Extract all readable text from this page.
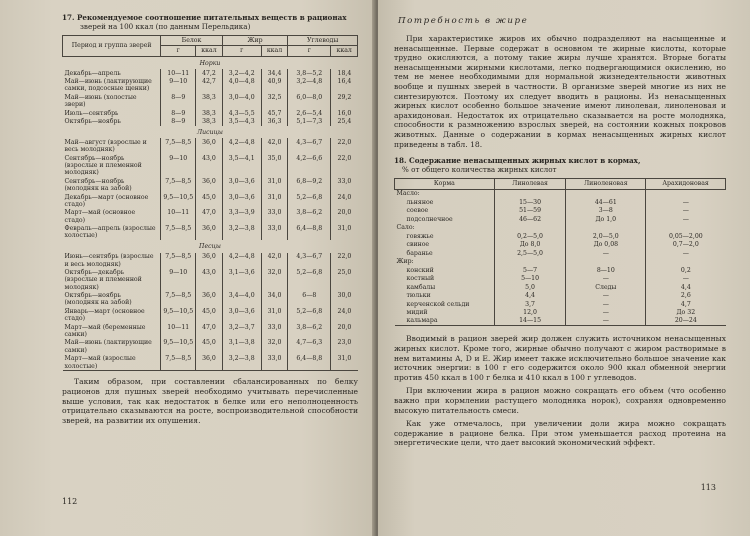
17. Рекомендуемое соотношение питательных веществ в рационах
зверей на 100 ккал (по данным Перельдика)
Период и группа зверей	Белок		Жир		Углеводы	
	г	ккал	г	ккал	г	ккал
Норки						
Декабрь—апрель	10—11	47,2	3,2—4,2	34,4	3,8—5,2	18,4
Май—июнь (лактирующие самки, подсосные щенки)	9—10	42,7	4,0—4,8	40,9	3,2—4,8	16,4
Май—июнь (холостые звери)	8—9	38,3	3,0—4,0	32,5	6,0—8,0	29,2
Июль—сентябрь	8—9	38,3	4,3—5,5	45,7	2,6—5,4	16,0
Октябрь—ноябрь	8—9	38,3	3,5—4,3	36,3	5,1—7,3	25,4
Лисицы						
Май—август (взрослые и весь молодняк)	7,5—8,5	36,0	4,2—4,8	42,0	4,3—6,7	22,0
Сентябрь—ноябрь (взрослые и племенной молодняк)	9—10	43,0	3,5—4,1	35,0	4,2—6,6	22,0
Сентябрь—ноябрь (молодняк на забой)	7,5—8,5	36,0	3,0—3,6	31,0	6,8—9,2	33,0
Декабрь—март (основное стадо)	9,5—10,5	45,0	3,0—3,6	31,0	5,2—6,8	24,0
Март—май (основное стадо)	10—11	47,0	3,3—3,9	33,0	3,8—6,2	20,0
Февраль—апрель (взрослые холостые)	7,5—8,5	36,0	3,2—3,8	33,0	6,4—8,8	31,0
Песцы						
Июнь—сентябрь (взрослые и весь молодняк)	7,5—8,5	36,0	4,2—4,8	42,0	4,3—6,7	22,0
Октябрь—декабрь (взрослые и племенной молодняк)	9—10	43,0	3,1—3,6	32,0	5,2—6,8	25,0
Октябрь—ноябрь (молодняк на забой)	7,5—8,5	36,0	3,4—4,0	34,0	6—8	30,0
Январь—март (основное стадо)	9,5—10,5	45,0	3,0—3,6	31,0	5,2—6,8	24,0
Март—май (беременные самки)	10—11	47,0	3,2—3,7	33,0	3,8—6,2	20,0
Май—июнь (лактирующие самки)	9,5—10,5	45,0	3,1—3,8	32,0	4,7—6,3	23,0
Март—май (взрослые холостые)	7,5—8,5	36,0	3,2—3,8	33,0	6,4—8,8	31,0

Таким образом, при составлении сбалансированных по белку рационов для пушных зверей необходимо учитывать перечисленные выше условия, так как недостаток в белке или его неполноценность отрицательно сказываются на росте, воспроизводительной способности зверей, на развитии их опушения.

112
Потребность в жире

При характеристике жиров их обычно подразделяют на насыщенные и ненасыщенные. Первые содержат в основном те жирные кислоты, которые трудно окисляются, а потому такие жиры лучше хранятся. Вторые богаты ненасыщенными жирными кислотами, легко подвергающимися окислению, но тем не менее необходимыми для нормальной жизнедеятельности животных вообще и пушных зверей в частности. В организме зверей многие из них не синтезируются. Поэтому их следует вводить в рационы. Из ненасыщенных жирных кислот особенно большое значение имеют линолевая, линоленовая и арахидоновая. Недостаток их отрицательно сказывается на росте молодняка, способности к размножению взрослых зверей, на состоянии кожных покровов животных. Данные о содержании в кормах ненасыщенных жирных кислот приведены в табл. 18.

18. Содержание ненасыщенных жирных кислот в кормах,
% от общего количества жирных кислот
Корма	Линолевая	Линоленовая	Арахидоновая
Масло:			
льняное	15—30	44—61	—
соевое	51—59	3—8	—
подсолнечное	46—62	До 1,0	—
Сало:			
говяжье	0,2—5,0	2,0—5,0	0,05—2,00
свиное	До 8,0	До 0,08	0,7—2,0
баранье	2,5—5,0	—	—
Жир:			
конский	5—7	8—10	0,2
костный	5—10	—	—
камбалы	5,0	Следы	4,4
тюльки	4,4	—	2,6
керченской сельди	3,7	—	4,7
мидий	12,0	—	До 32
кальмара	14—15	—	20—24

Вводимый в рацион зверей жир должен служить источником ненасыщенных жирных кислот. Кроме того, жирные обычно получают с жиром растворимые в нем витамины A, D и E. Жир имеет также исключительно большое значение как источник энергии: в 100 г его содержится около 900 ккал обменной энергии против 450 ккал в 100 г белка и 410 ккал в 100 г углеводов.

При включении жира в рацион можно сокращать его объем (что особенно важно при кормлении растущего молодняка норок), сохраняя одновременно высокую питательность смеси.

Как уже отмечалось, при увеличении доли жира можно сокращать содержание в рационе белка. При этом уменьшается расход протеина на энергетические цели, что дает высокий экономический эффект.

113
